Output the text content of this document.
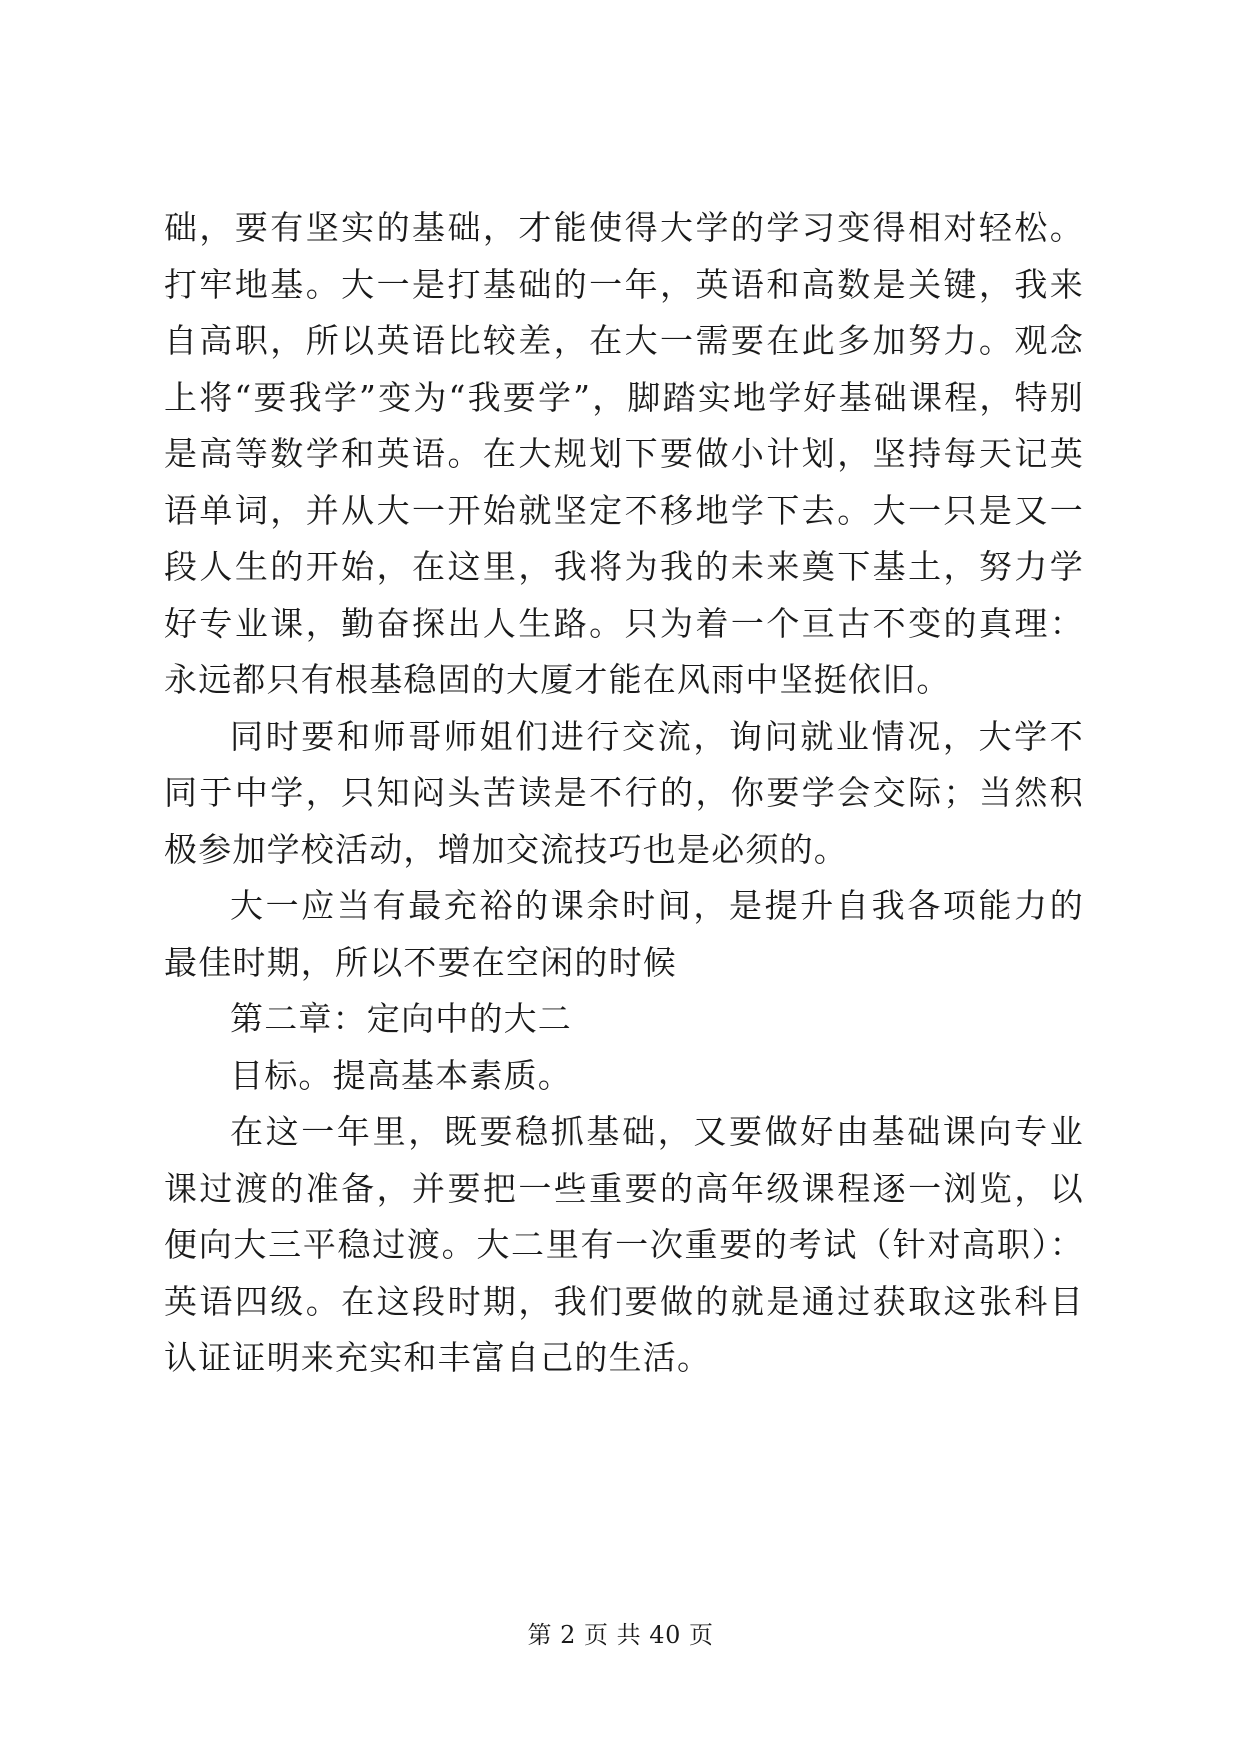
础，要有坚实的基础，才能使得大学的学习变得相对轻松。打牢地基。大一是打基础的一年，英语和高数是关键，我来自高职，所以英语比较差，在大一需要在此多加努力。观念上将“要我学”变为“我要学”，脚踏实地学好基础课程，特别是高等数学和英语。在大规划下要做小计划，坚持每天记英语单词，并从大一开始就坚定不移地学下去。大一只是又一段人生的开始，在这里，我将为我的未来奠下基土，努力学好专业课，勤奋探出人生路。只为着一个亘古不变的真理：永远都只有根基稳固的大厦才能在风雨中坚挺依旧。

同时要和师哥师姐们进行交流，询问就业情况，大学不同于中学，只知闷头苦读是不行的，你要学会交际；当然积极参加学校活动，增加交流技巧也是必须的。

大一应当有最充裕的课余时间，是提升自我各项能力的最佳时期，所以不要在空闲的时候

第二章：定向中的大二

目标。提高基本素质。

在这一年里，既要稳抓基础，又要做好由基础课向专业课过渡的准备，并要把一些重要的高年级课程逐一浏览，以便向大三平稳过渡。大二里有一次重要的考试（针对高职）：英语四级。在这段时期，我们要做的就是通过获取这张科目认证证明来充实和丰富自己的生活。

第 2 页 共 40 页
